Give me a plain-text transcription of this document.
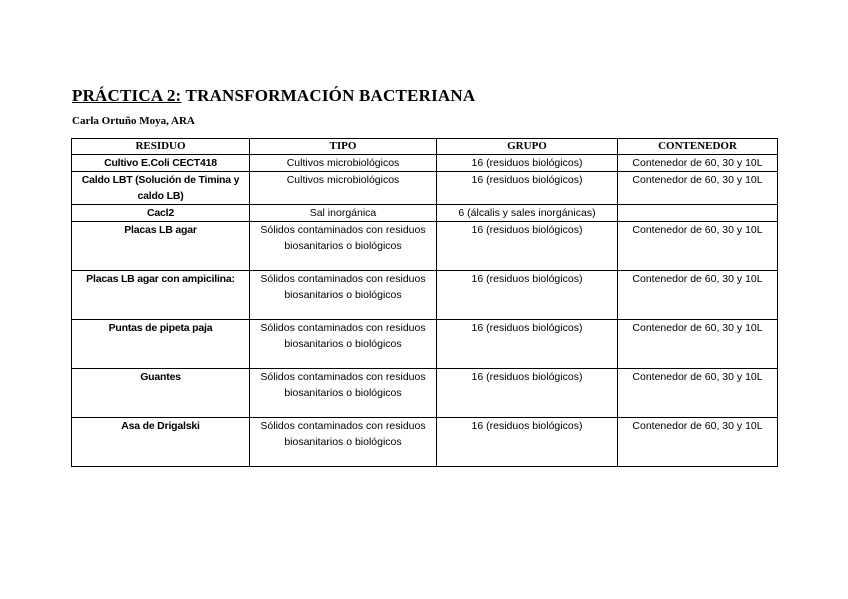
PRÁCTICA 2: TRANSFORMACIÓN BACTERIANA
Carla Ortuño Moya, ARA
RESIDUO	TIPO	GRUPO	CONTENEDOR
Cultivo E.Coli CECT418	Cultivos microbiológicos	16 (residuos biológicos)	Contenedor de 60, 30 y 10L
Caldo LBT (Solución de Timina y caldo LB)	Cultivos microbiológicos	16 (residuos biológicos)	Contenedor de 60, 30 y 10L
Cacl2	Sal inorgánica	6 (álcalis y sales inorgánicas)	
Placas LB agar	Sólidos contaminados con residuos biosanitarios o biológicos	16 (residuos biológicos)	Contenedor de 60, 30 y 10L
Placas LB agar con ampicilina:	Sólidos contaminados con residuos biosanitarios o biológicos	16 (residuos biológicos)	Contenedor de 60, 30 y 10L
Puntas de pipeta paja	Sólidos contaminados con residuos biosanitarios o biológicos	16 (residuos biológicos)	Contenedor de 60, 30 y 10L
Guantes	Sólidos contaminados con residuos biosanitarios o biológicos	16 (residuos biológicos)	Contenedor de 60, 30 y 10L
Asa de Drigalski	Sólidos contaminados con residuos biosanitarios o biológicos	16 (residuos biológicos)	Contenedor de 60, 30 y 10L
